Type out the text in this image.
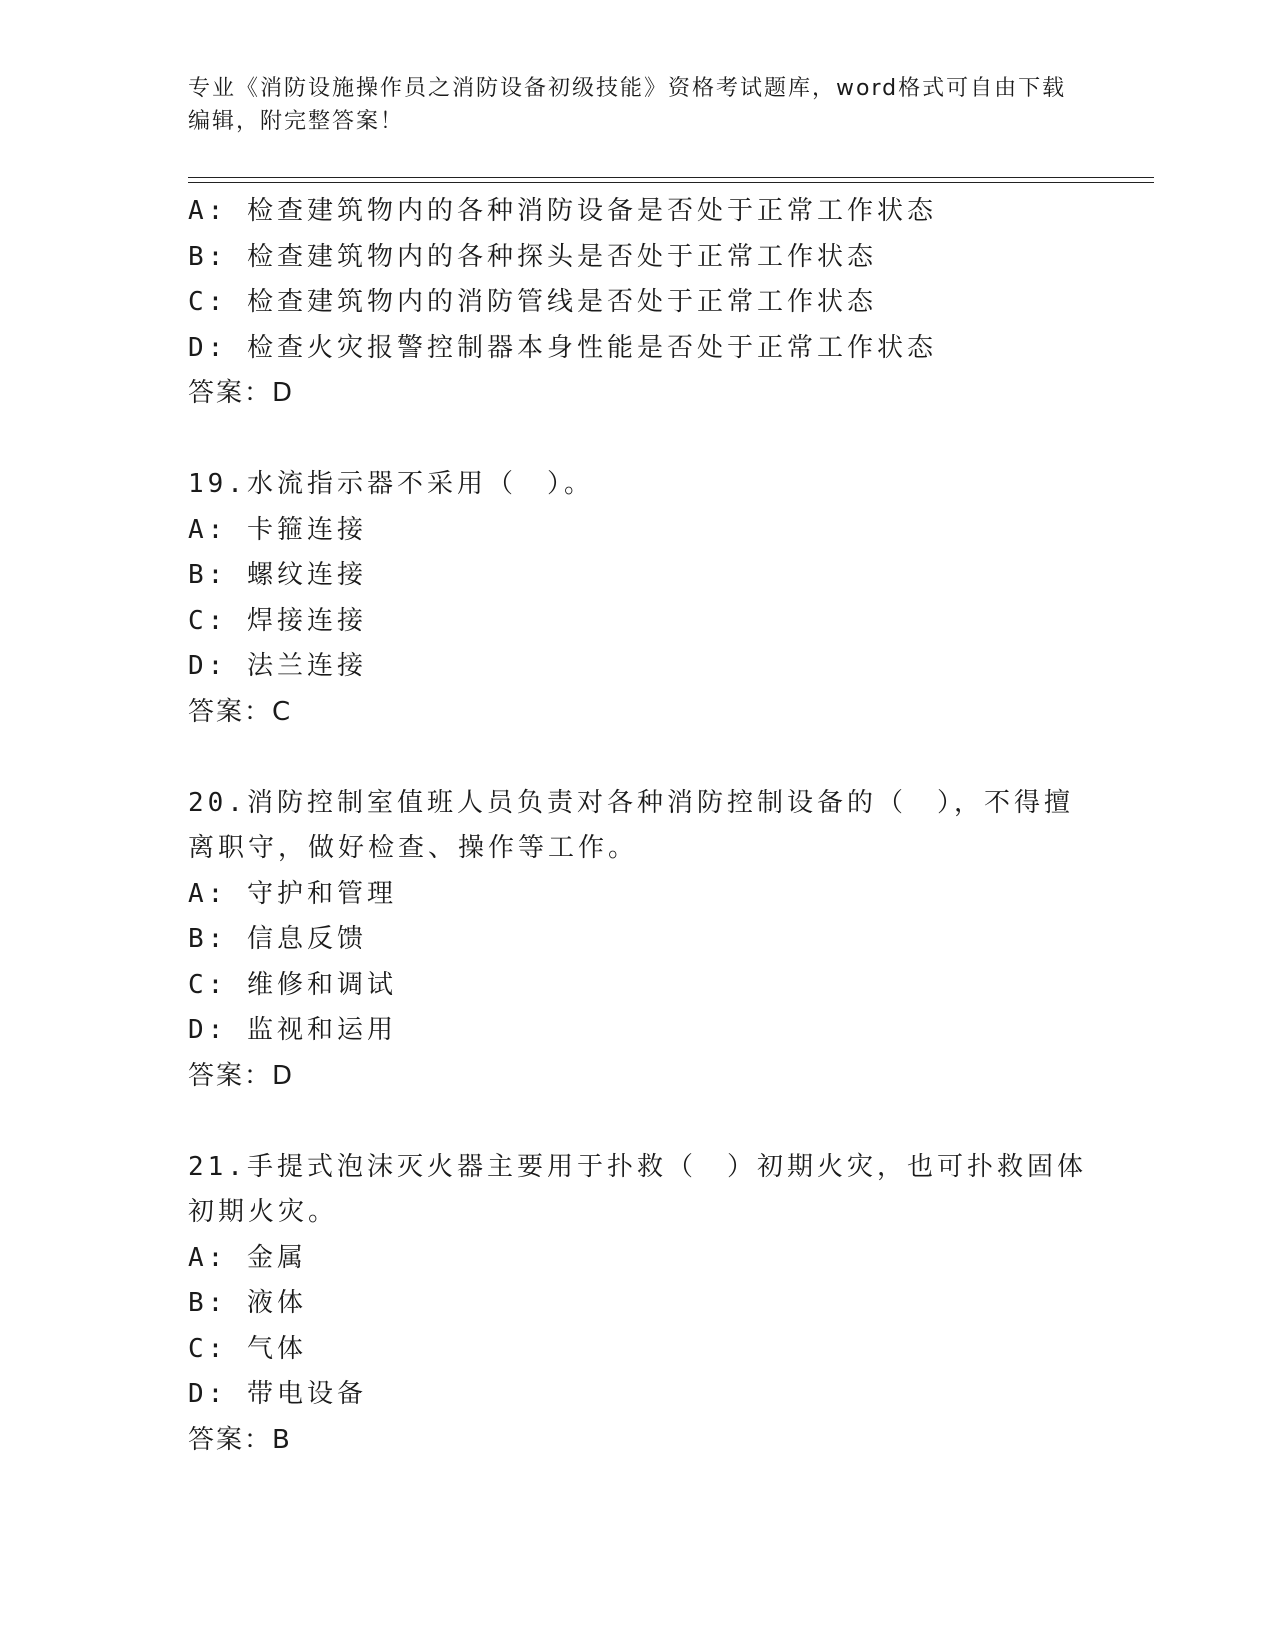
专业《消防设施操作员之消防设备初级技能》资格考试题库，word格式可自由下载编辑，附完整答案！
A: 检查建筑物内的各种消防设备是否处于正常工作状态
B: 检查建筑物内的各种探头是否处于正常工作状态
C: 检查建筑物内的消防管线是否处于正常工作状态
D: 检查火灾报警控制器本身性能是否处于正常工作状态
答案：D
19.水流指示器不采用（　）。
A: 卡箍连接
B: 螺纹连接
C: 焊接连接
D: 法兰连接
答案：C
20.消防控制室值班人员负责对各种消防控制设备的（　），不得擅离职守，做好检查、操作等工作。
A: 守护和管理
B: 信息反馈
C: 维修和调试
D: 监视和运用
答案：D
21.手提式泡沫灭火器主要用于扑救（　）初期火灾，也可扑救固体初期火灾。
A: 金属
B: 液体
C: 气体
D: 带电设备
答案：B
